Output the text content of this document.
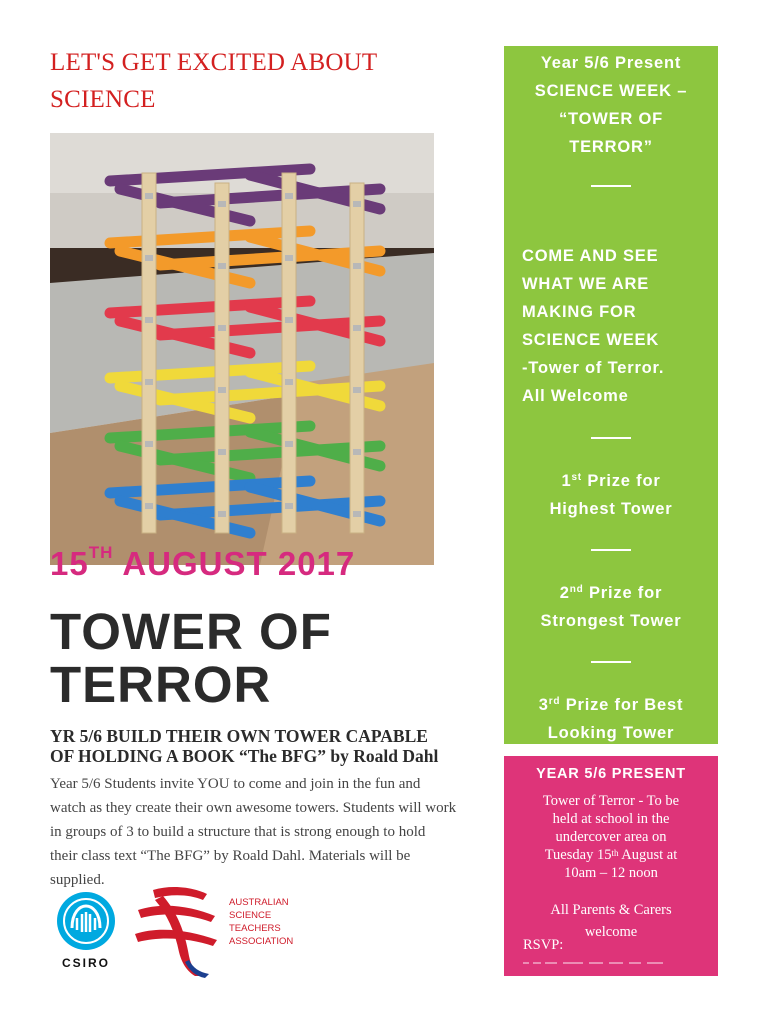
LET'S GET EXCITED ABOUT
SCIENCE
15TH AUGUST 2017
TOWER OF
TERROR
YR 5/6 BUILD THEIR OWN TOWER CAPABLE
OF HOLDING A BOOK “The BFG” by Roald Dahl
Year 5/6 Students invite YOU to come and join in the fun and
watch as they create their own awesome towers. Students will work
in groups of 3 to build a structure that is strong enough to hold
their class text “The BFG” by Roald Dahl. Materials will be
supplied.
CSIRO
AUSTRALIAN
SCIENCE
TEACHERS
ASSOCIATION
Year 5/6 Present
SCIENCE WEEK –
“TOWER OF
TERROR”
COME AND SEE
WHAT WE ARE
MAKING FOR
SCIENCE WEEK
-Tower of Terror.
All Welcome
1st Prize for
Highest Tower
2nd Prize for
Strongest Tower
3rd Prize for Best
Looking Tower
YEAR 5/6 PRESENT
Tower of Terror - To be
held at school in the
undercover area on
Tuesday 15th August at
10am – 12 noon
All Parents & Carers
welcome
RSVP:
